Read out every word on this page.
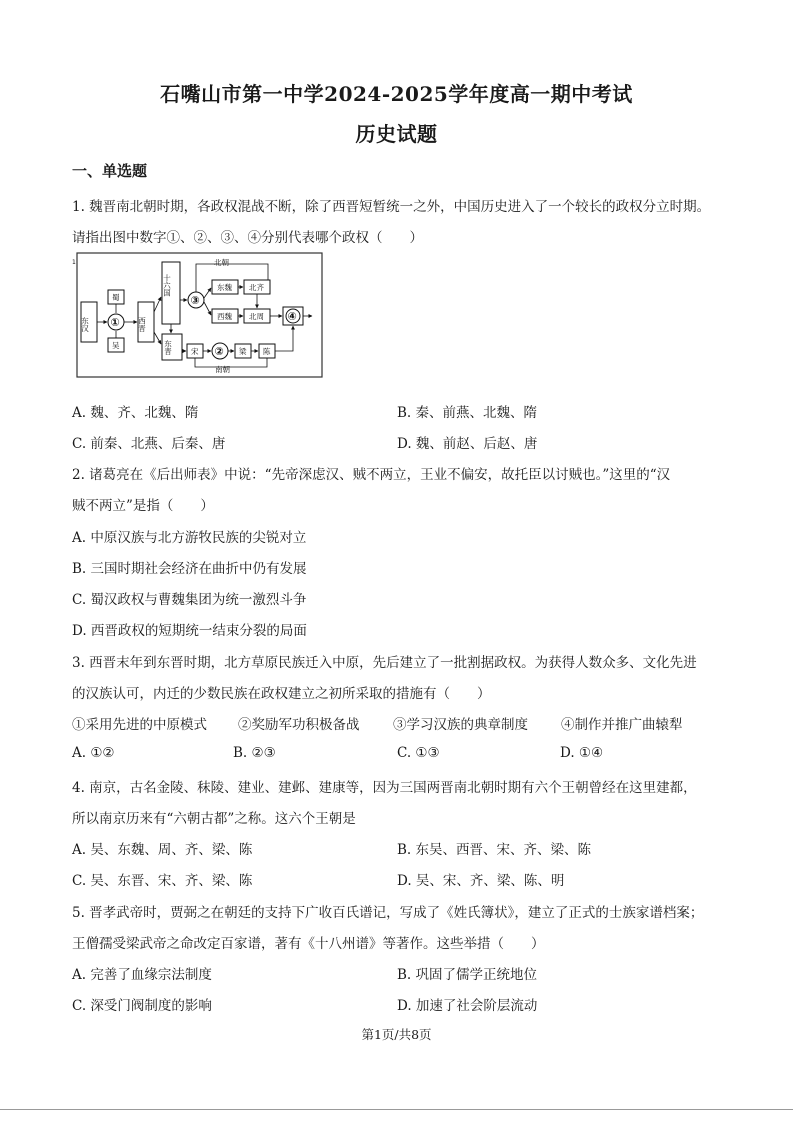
石嘴山市第一中学2024-2025学年度高一期中考试
历史试题
一、单选题
1. 魏晋南北朝时期，各政权混战不断，除了西晋短暂统一之外，中国历史进入了一个较长的政权分立时期。
请指出图中数字①、②、③、④分别代表哪个政权（　　）
1
东汉
蜀
吴
① 西晋
十六国
东晋
③
北朝
东魏 北齐
西魏 北周 ④
宋 ② 梁 陈
南朝
A. 魏、齐、北魏、隋	B. 秦、前燕、北魏、隋
C. 前秦、北燕、后秦、唐	D. 魏、前赵、后赵、唐
2. 诸葛亮在《后出师表》中说：“先帝深虑汉、贼不两立，王业不偏安，故托臣以讨贼也。”这里的“汉
贼不两立”是指（　　）
A. 中原汉族与北方游牧民族的尖锐对立
B. 三国时期社会经济在曲折中仍有发展
C. 蜀汉政权与曹魏集团为统一激烈斗争
D. 西晋政权的短期统一结束分裂的局面
3. 西晋末年到东晋时期，北方草原民族迁入中原，先后建立了一批割据政权。为获得人数众多、文化先进
的汉族认可，内迁的少数民族在政权建立之初所采取的措施有（　　）
①采用先进的中原模式 ②奖励军功积极备战 ③学习汉族的典章制度 ④制作并推广曲辕犁
A. ①②	B. ②③	C. ①③	D. ①④
4. 南京，古名金陵、秣陵、建业、建邺、建康等，因为三国两晋南北朝时期有六个王朝曾经在这里建都，
所以南京历来有“六朝古都”之称。这六个王朝是
A. 吴、东魏、周、齐、梁、陈	B. 东吴、西晋、宋、齐、梁、陈
C. 吴、东晋、宋、齐、梁、陈	D. 吴、宋、齐、梁、陈、明
5. 晋孝武帝时，贾弼之在朝廷的支持下广收百氏谱记，写成了《姓氏簿状》，建立了正式的士族家谱档案；
王僧孺受梁武帝之命改定百家谱，著有《十八州谱》等著作。这些举措（　　）
A. 完善了血缘宗法制度	B. 巩固了儒学正统地位
C. 深受门阀制度的影响	D. 加速了社会阶层流动
第1页/共8页
